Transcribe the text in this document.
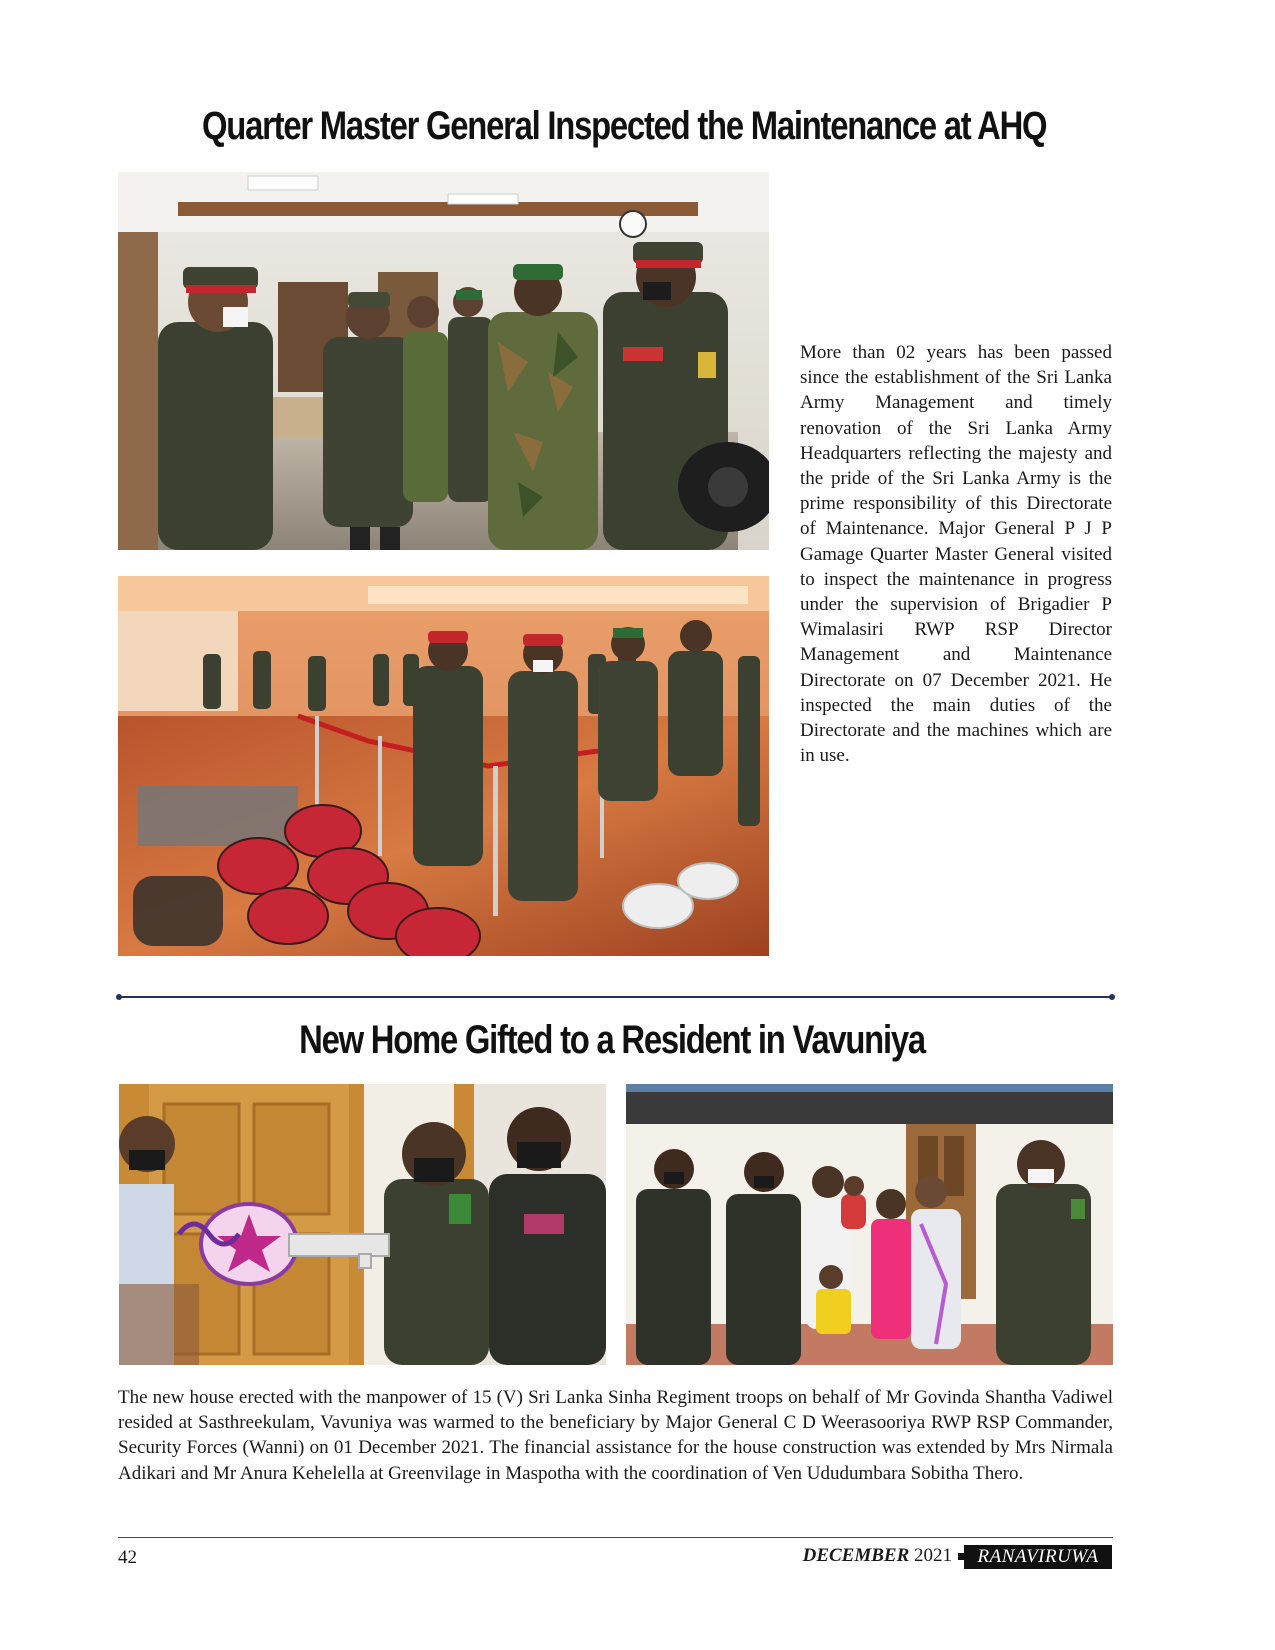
Quarter Master General Inspected the Maintenance at AHQ

More than 02 years has been passed since the establishment of the Sri Lanka Army Management and timely renovation of the Sri Lanka Army Headquarters reflecting the majesty and the pride of the Sri Lanka Army is the prime responsibility of this Directorate of Maintenance. Major General P J P Gamage Quarter Master General visited to inspect the maintenance in progress under the supervision of Brigadier P Wimalasiri RWP RSP Director Management and Maintenance Directorate on 07 December 2021. He inspected the main duties of the Directorate and the machines which are in use.

New Home Gifted to a Resident in Vavuniya

The new house erected with the manpower of 15 (V) Sri Lanka Sinha Regiment troops on behalf of Mr Govinda Shantha Vadiwel resided at Sasthreekulam, Vavuniya was warmed to the beneficiary by Major General C D Weerasooriya RWP RSP Commander, Security Forces (Wanni) on 01 December 2021. The financial assistance for the house construction was extended by Mrs Nirmala Adikari and Mr Anura Kehelella at Greenvilage in Maspotha with the coordination of Ven Ududumbara Sobitha Thero.

42	DECEMBER 2021	RANAVIRUWA
